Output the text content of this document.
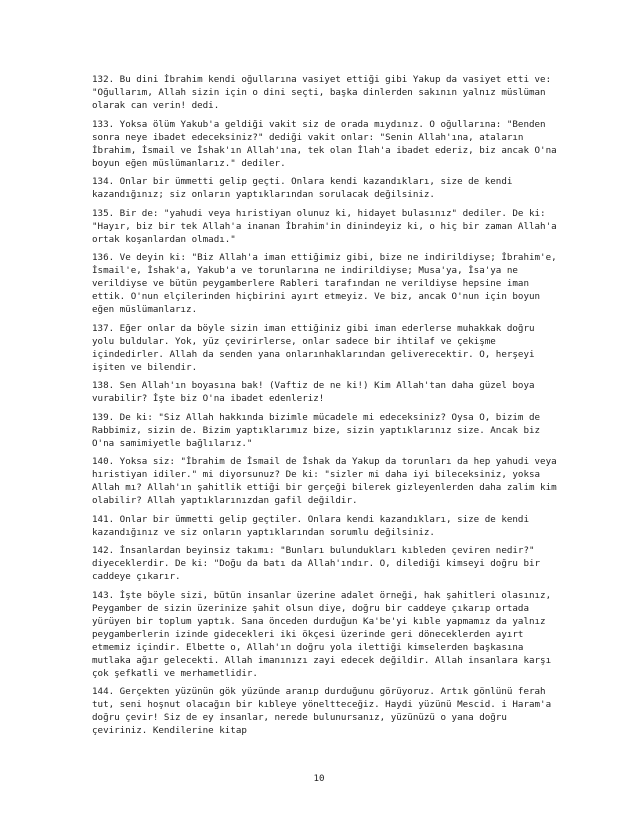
132. Bu dini İbrahim kendi oğullarına vasiyet ettiği gibi Yakup da vasiyet etti ve: "Oğullarım, Allah sizin için o dini seçti, başka dinlerden sakının yalnız müslüman olarak can verin! dedi.

133. Yoksa ölüm Yakub'a geldiği vakit siz de orada mıydınız. O oğullarına: "Benden sonra neye ibadet edeceksiniz?" dediği vakit onlar: "Senin Allah'ına, ataların İbrahim, İsmail ve İshak'ın Allah'ına, tek olan İlah'a ibadet ederiz, biz ancak O'na boyun eğen müslümanlarız." dediler.

134. Onlar bir ümmetti gelip geçti. Onlara kendi kazandıkları, size de kendi kazandığınız; siz onların yaptıklarından sorulacak değilsiniz.

135. Bir de: "yahudi veya hıristiyan olunuz ki, hidayet bulasınız" dediler. De ki: "Hayır, biz bir tek Allah'a inanan İbrahim'in dinindeyiz ki, o hiç bir zaman Allah'a ortak koşanlardan olmadı."

136. Ve deyin ki: "Biz Allah'a iman ettiğimiz gibi, bize ne indirildiyse; İbrahim'e, İsmail'e, İshak'a, Yakub'a ve torunlarına ne indirildiyse; Musa'ya, İsa'ya ne verildiyse ve bütün peygamberlere Rableri tarafından ne verildiyse hepsine iman ettik. O'nun elçilerinden hiçbirini ayırt etmeyiz. Ve biz, ancak O'nun için boyun eğen müslümanlarız.

137. Eğer onlar da böyle sizin iman ettiğiniz gibi iman ederlerse muhakkak doğru yolu buldular. Yok, yüz çevirirlerse, onlar sadece bir ihtilaf ve çekişme içindedirler. Allah da senden yana onlarınhaklarından geliverecektir. O, herşeyi işiten ve bilendir.

138. Sen Allah'ın boyasına bak! (Vaftiz de ne ki!) Kim Allah'tan daha güzel boya vurabilir? İşte biz O'na ibadet edenleriz!

139. De ki: "Siz Allah hakkında bizimle mücadele mi edeceksiniz? Oysa O, bizim de Rabbimiz, sizin de. Bizim yaptıklarımız bize, sizin yaptıklarınız size. Ancak biz O'na samimiyetle bağlılarız."

140. Yoksa siz: "İbrahim de İsmail de İshak da Yakup da torunları da hep yahudi veya hıristiyan idiler." mi diyorsunuz? De ki: "sizler mi daha iyi bileceksiniz, yoksa Allah mı? Allah'ın şahitlik ettiği bir gerçeği bilerek gizleyenlerden daha zalim kim olabilir? Allah yaptıklarınızdan gafil değildir.

141. Onlar bir ümmetti gelip geçtiler. Onlara kendi kazandıkları, size de kendi kazandığınız ve siz onların yaptıklarından sorumlu değilsiniz.

142. İnsanlardan beyinsiz takımı: "Bunları bulundukları kıbleden çeviren nedir?" diyeceklerdir. De ki: "Doğu da batı da Allah'ındır. O, dilediği kimseyi doğru bir caddeye çıkarır.

143. İşte böyle sizi, bütün insanlar üzerine adalet örneği, hak şahitleri olasınız, Peygamber de sizin üzerinize şahit olsun diye, doğru bir caddeye çıkarıp ortada yürüyen bir toplum yaptık. Sana önceden durduğun Ka'be'yi kıble yapmamız da yalnız peygamberlerin izinde gidecekleri iki ökçesi üzerinde geri döneceklerden ayırt etmemiz içindir. Elbette o, Allah'ın doğru yola ilettiği kimselerden başkasına mutlaka ağır gelecekti. Allah imanınızı zayi edecek değildir. Allah insanlara karşı çok şefkatli ve merhametlidir.

144. Gerçekten yüzünün gök yüzünde aranıp durduğunu görüyoruz. Artık gönlünü ferah tut, seni hoşnut olacağın bir kıbleye yöneltteceğiz. Haydi yüzünü Mescid. i Haram'a doğru çevir! Siz de ey insanlar, nerede bulunursanız, yüzünüzü o yana doğru çeviriniz. Kendilerine kitap

10
